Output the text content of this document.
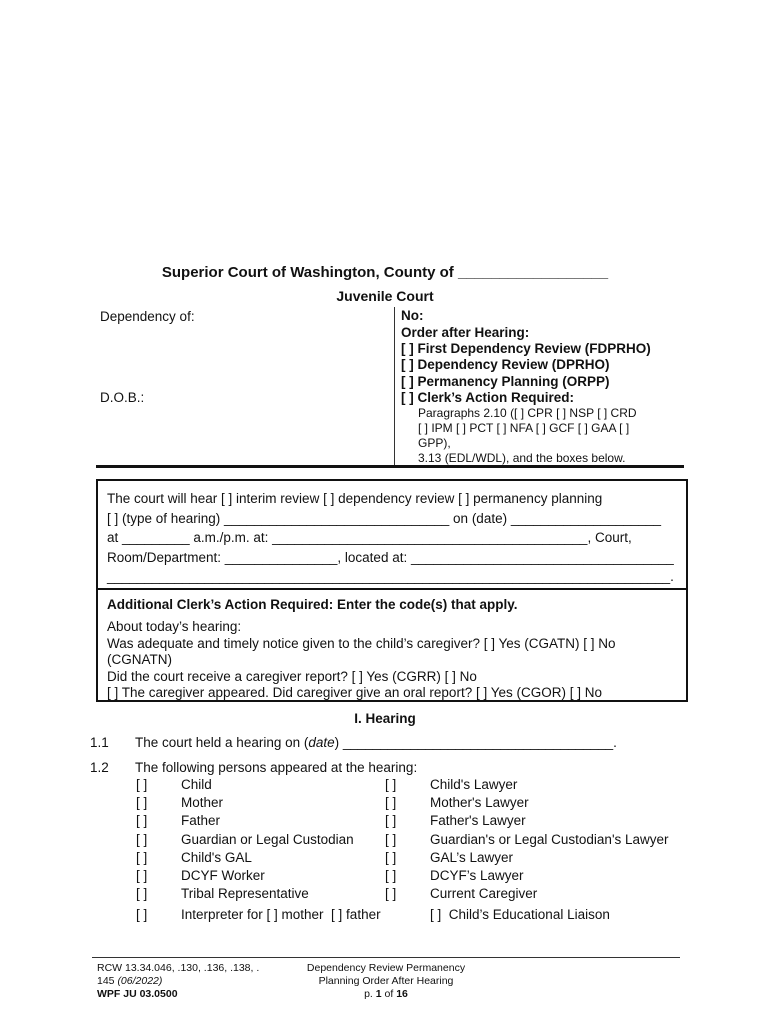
Superior Court of Washington, County of __________________
Juvenile Court
Dependency of:
D.O.B.:
No:
Order after Hearing:
[ ] First Dependency Review (FDPRHO)
[ ] Dependency Review (DPRHO)
[ ] Permanency Planning (ORPP)
[ ] Clerk’s Action Required:
Paragraphs 2.10 ([ ] CPR [ ] NSP [ ] CRD
[ ] IPM [ ] PCT [ ] NFA [ ] GCF [ ] GAA [ ]
GPP),
3.13 (EDL/WDL), and the boxes below.
The court will hear [ ] interim review [ ] dependency review [ ] permanency planning
[ ] (type of hearing) ______________________________ on (date) ____________________
at _________ a.m./p.m. at: __________________________________________, Court,
Room/Department: _______________, located at: ___________________________________
___________________________________________________________________________.
Additional Clerk’s Action Required: Enter the code(s) that apply.
About today’s hearing:
Was adequate and timely notice given to the child’s caregiver? [ ] Yes (CGATN) [ ] No
(CGNATN)
Did the court receive a caregiver report? [ ] Yes (CGRR) [ ] No
[ ] The caregiver appeared. Did caregiver give an oral report? [ ] Yes (CGOR) [ ] No
I. Hearing
1.1 The court held a hearing on (date) ____________________________________.
1.2 The following persons appeared at the hearing:
[ ] Child	[ ] Child's Lawyer
[ ] Mother	[ ] Mother's Lawyer
[ ] Father	[ ] Father's Lawyer
[ ] Guardian or Legal Custodian [ ] Guardian's or Legal Custodian's Lawyer
[ ] Child's GAL	[ ] GAL’s Lawyer
[ ] DCYF Worker	[ ] DCYF’s Lawyer
[ ] Tribal Representative	[ ] Current Caregiver
[ ] Interpreter for [ ] mother  [ ] father	[ ]  Child’s Educational Liaison
RCW 13.34.046, .130, .136, .138, .
145 (06/2022)
WPF JU 03.0500
Dependency Review Permanency
Planning Order After Hearing
p. 1 of 16
